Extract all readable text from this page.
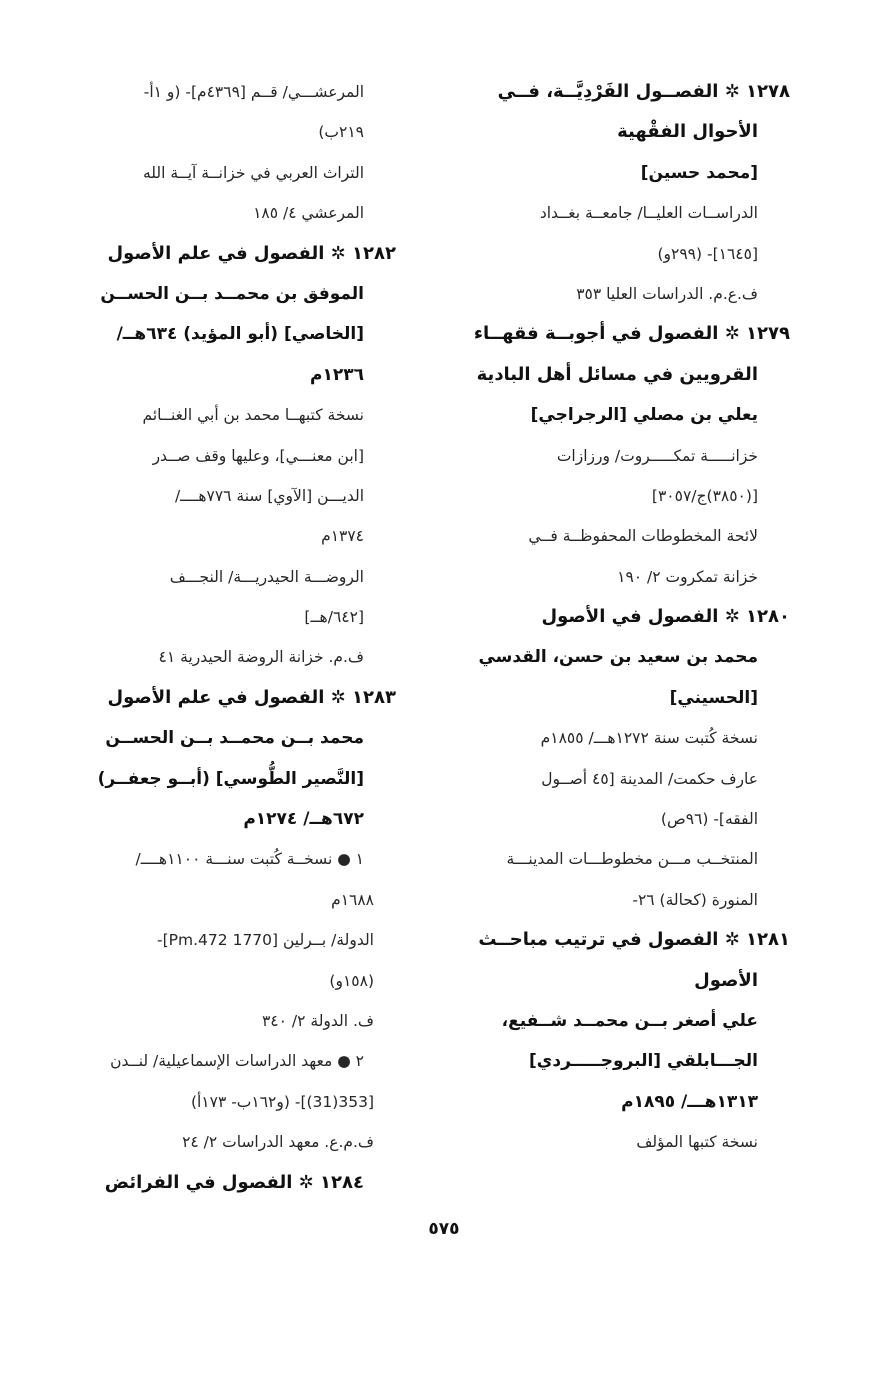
١٢٧٨ ✲ الفصــول الفَرْدِيَّــة، فــي
الأحوال الفقْهية
[محمد حسين]
الدراســات العليــا/ جامعــة بغــداد
[١٦٤٥]- (٢٩٩و)
ف.ع.م. الدراسات العليا ٣٥٣
١٢٧٩ ✲ الفصول في أجوبــة فقهــاء
القرويين في مسائل أهل البادية
يعلي بن مصلي [الرجراجي]
خزانـــــة تمكـــــروت/ ورزازات
[(٣٨٥٠)ج/٣٠٥٧]
لائحة المخطوطات المحفوظــة فــي
خزانة تمكروت ٢/ ١٩٠
١٢٨٠ ✲ الفصول في الأصول
محمد بن سعيد بن حسن، القدسي
[الحسيني]
نسخة كُتبت سنة ١٢٧٢هـــ/ ١٨٥٥م
عارف حكمت/ المدينة [٤٥ أصــول
الفقه]- (٩٦ص)
المنتخــب مـــن مخطوطـــات المدينـــة
المنورة (كحالة) ٢٦-
١٢٨١ ✲ الفصول في ترتيب مباحــث
الأصول
علي أصغر بــن محمــد شــفيع،
الجـــابلقي [البروجـــــردي]
١٣١٣هـــ/ ١٨٩٥م
نسخة كتبها المؤلف
المرعشـــي/ قــم [٤٣٦٩م]- (و ١أ-
٢١٩ب)
التراث العربي في خزانــة آيــة الله
المرعشي ٤/ ١٨٥
١٢٨٢ ✲ الفصول في علم الأصول
الموفق بن محمــد بــن الحســن
[الخاصي] (أبو المؤيد) ٦٣٤هــ/
١٢٣٦م
نسخة كتبهــا محمد بن أبي الغنــائم
[ابن معنـــي]، وعليها وقف صــدر
الديـــن [الآوي] سنة ٧٧٦هــــ/
١٣٧٤م
الروضـــة الحيدريـــة/ النجـــف
[٦٤٢/هــ]
ف.م. خزانة الروضة الحيدرية ٤١
١٢٨٣ ✲ الفصول في علم الأصول
محمد بــن محمــد بــن الحســن
[النَّصير الطُّوسي] (أبــو جعفــر)
٦٧٢هــ/ ١٢٧٤م
١ ● نسخــة كُتبت سنـــة ١١٠٠هــــ/
١٦٨٨م
الدولة/ بــرلين [1770 Pm.472]-
(١٥٨و)
ف. الدولة ٢/ ٣٤٠
٢ ● معهد الدراسات الإسماعيلية/ لنــدن
[353(31)]- (و١٦٢ب- ١٧٣أ)
ف.م.ع. معهد الدراسات ٢/ ٢٤
١٢٨٤ ✲ الفصول في الفرائض
٥٧٥
